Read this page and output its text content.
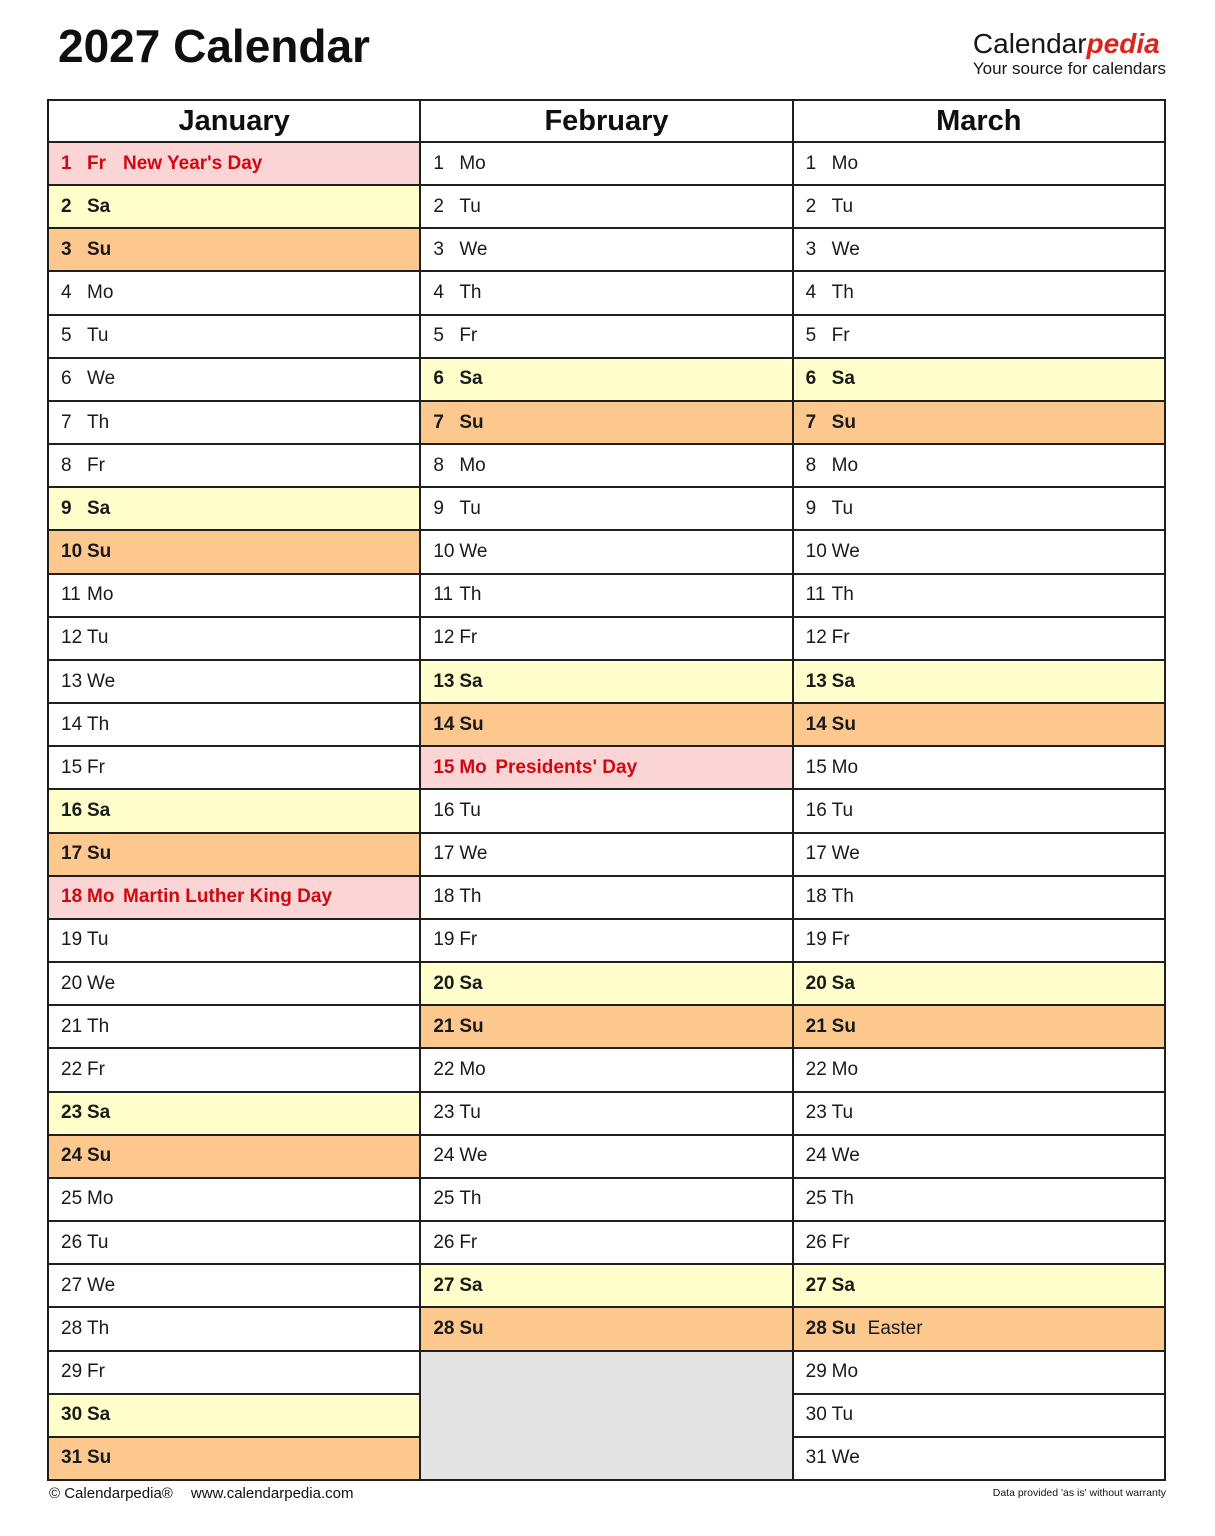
2027 Calendar	Calendarpedia
Your source for calendars
January
1 Fr New Year's Day
2 Sa
3 Su
4 Mo
5 Tu
6 We
7 Th
8 Fr
9 Sa
10 Su
11 Mo
12 Tu
13 We
14 Th
15 Fr
16 Sa
17 Su
18 Mo Martin Luther King Day
19 Tu
20 We
21 Th
22 Fr
23 Sa
24 Su
25 Mo
26 Tu
27 We
28 Th
29 Fr
30 Sa
31 Su
February
1 Mo
2 Tu
3 We
4 Th
5 Fr
6 Sa
7 Su
8 Mo
9 Tu
10 We
11 Th
12 Fr
13 Sa
14 Su
15 Mo Presidents' Day
16 Tu
17 We
18 Th
19 Fr
20 Sa
21 Su
22 Mo
23 Tu
24 We
25 Th
26 Fr
27 Sa
28 Su
March
1 Mo
2 Tu
3 We
4 Th
5 Fr
6 Sa
7 Su
8 Mo
9 Tu
10 We
11 Th
12 Fr
13 Sa
14 Su
15 Mo
16 Tu
17 We
18 Th
19 Fr
20 Sa
21 Su
22 Mo
23 Tu
24 We
25 Th
26 Fr
27 Sa
28 Su Easter
29 Mo
30 Tu
31 We
© Calendarpedia® www.calendarpedia.com	Data provided 'as is' without warranty
